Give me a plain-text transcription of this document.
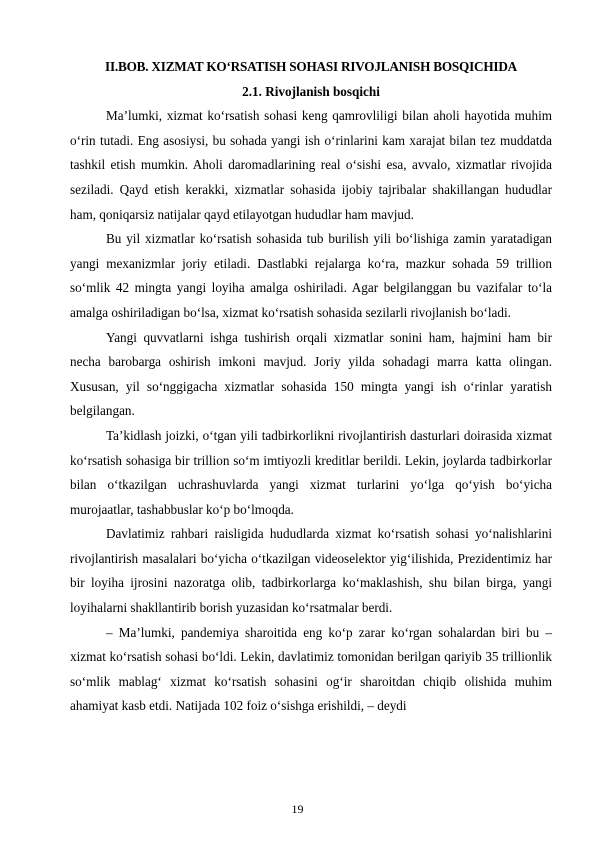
II.BOB. XIZMAT KO‘RSATISH SOHASI RIVOJLANISH BOSQICHIDA
2.1. Rivojlanish bosqichi

Ma’lumki, xizmat ko‘rsatish sohasi keng qamrovliligi bilan aholi hayotida muhim o‘rin tutadi. Eng asosiysi, bu sohada yangi ish o‘rinlarini kam xarajat bilan tez muddatda tashkil etish mumkin. Aholi daromadlarining real o‘sishi esa, avvalo, xizmatlar rivojida seziladi. Qayd etish kerakki, xizmatlar sohasida ijobiy tajribalar shakillangan hududlar ham, qoniqarsiz natijalar qayd etilayotgan hududlar ham mavjud.

Bu yil xizmatlar ko‘rsatish sohasida tub burilish yili bo‘lishiga zamin yaratadigan yangi mexanizmlar joriy etiladi. Dastlabki rejalarga ko‘ra, mazkur sohada 59 trillion so‘mlik 42 mingta yangi loyiha amalga oshiriladi. Agar belgilanggan bu vazifalar to‘la amalga oshiriladigan bo‘lsa, xizmat ko‘rsatish sohasida sezilarli rivojlanish bo‘ladi.

Yangi quvvatlarni ishga tushirish orqali xizmatlar sonini ham, hajmini ham bir necha barobarga oshirish imkoni mavjud. Joriy yilda sohadagi marra katta olingan. Xususan, yil so‘nggigacha xizmatlar sohasida 150 mingta yangi ish o‘rinlar yaratish belgilangan.

Ta’kidlash joizki, o‘tgan yili tadbirkorlikni rivojlantirish dasturlari doirasida xizmat ko‘rsatish sohasiga bir trillion so‘m imtiyozli kreditlar berildi. Lekin, joylarda tadbirkorlar bilan o‘tkazilgan uchrashuvlarda yangi xizmat turlarini yo‘lga qo‘yish bo‘yicha murojaatlar, tashabbuslar ko‘p bo‘lmoqda.

Davlatimiz rahbari raisligida hududlarda xizmat ko‘rsatish sohasi yo‘nalishlarini rivojlantirish masalalari bo‘yicha o‘tkazilgan videoselektor yig‘ilishida, Prezidentimiz har bir loyiha ijrosini nazoratga olib, tadbirkorlarga ko‘maklashish, shu bilan birga, yangi loyihalarni shakllantirib borish yuzasidan ko‘rsatmalar berdi.

– Ma’lumki, pandemiya sharoitida eng ko‘p zarar ko‘rgan sohalardan biri bu – xizmat ko‘rsatish sohasi bo‘ldi. Lekin, davlatimiz tomonidan berilgan qariyib 35 trillionlik so‘mlik mablag‘ xizmat ko‘rsatish sohasini og‘ir sharoitdan chiqib olishida muhim ahamiyat kasb etdi. Natijada 102 foiz o‘sishga erishildi, – deydi

19
